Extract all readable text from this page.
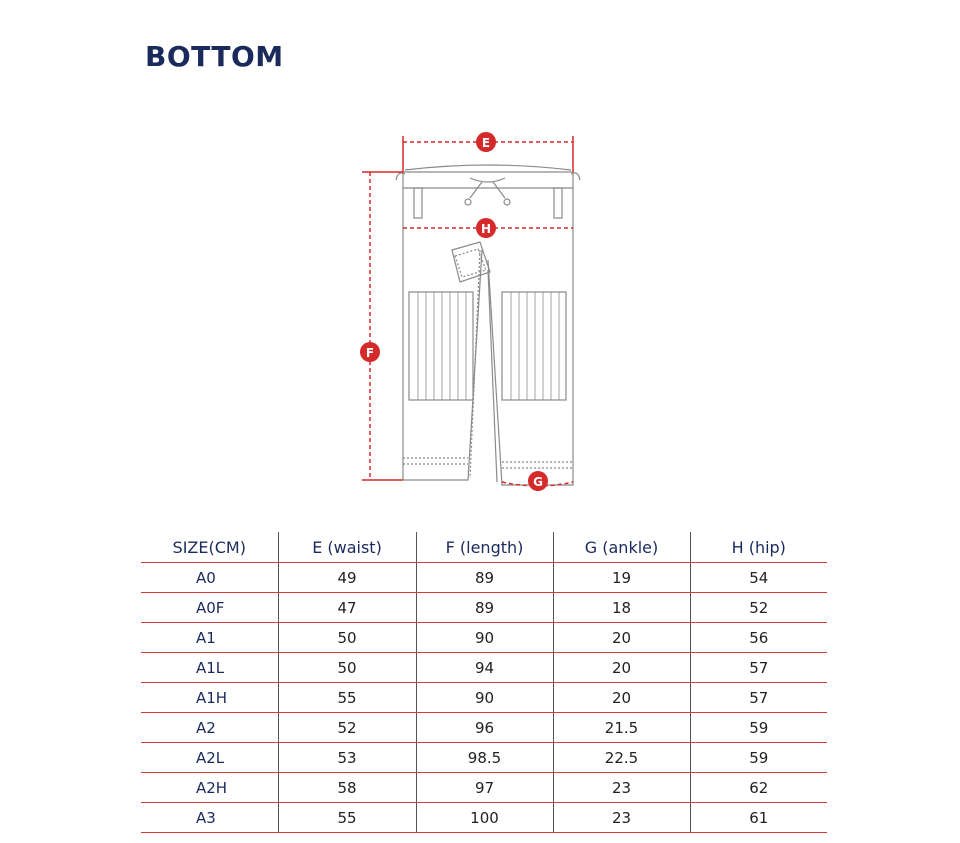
BOTTOM
E
H
F
G
SIZE(CM)	E (waist)	F (length)	G (ankle)	H (hip)
A0	49	89	19	54
A0F	47	89	18	52
A1	50	90	20	56
A1L	50	94	20	57
A1H	55	90	20	57
A2	52	96	21.5	59
A2L	53	98.5	22.5	59
A2H	58	97	23	62
A3	55	100	23	61
